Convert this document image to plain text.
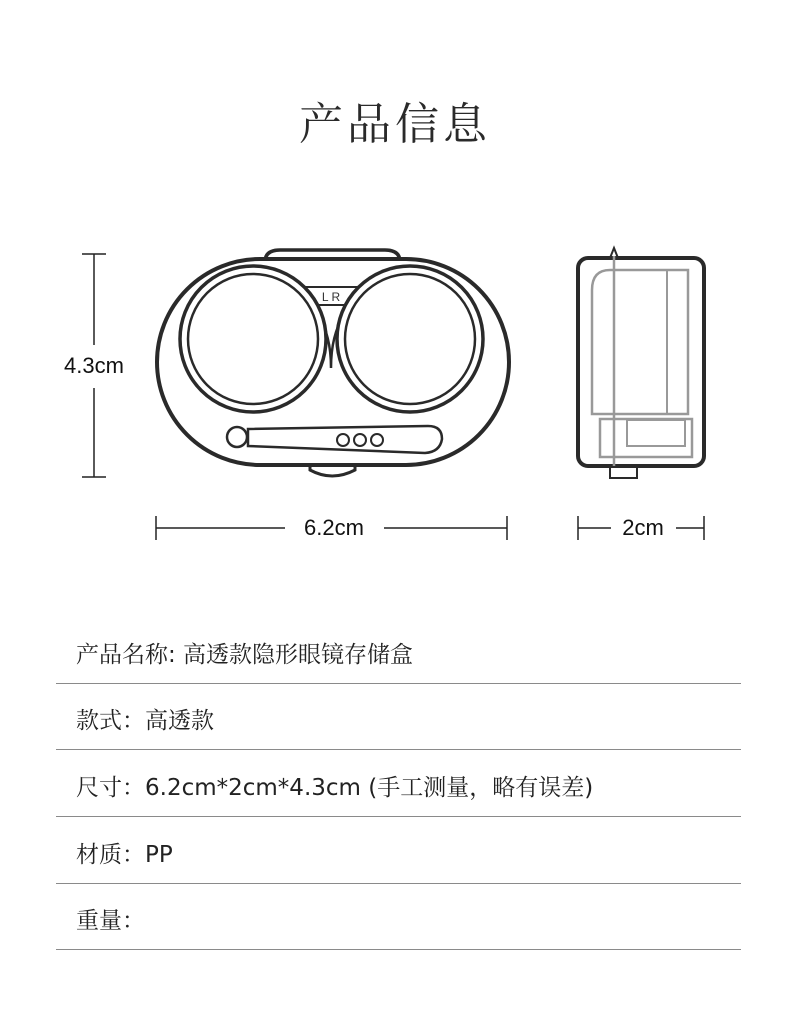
产品信息
4.3cm
L R
6.2cm	2cm
产品名称: 高透款隐形眼镜存储盒
款式：高透款
尺寸：6.2cm*2cm*4.3cm (手工测量，略有误差)
材质：PP
重量：
